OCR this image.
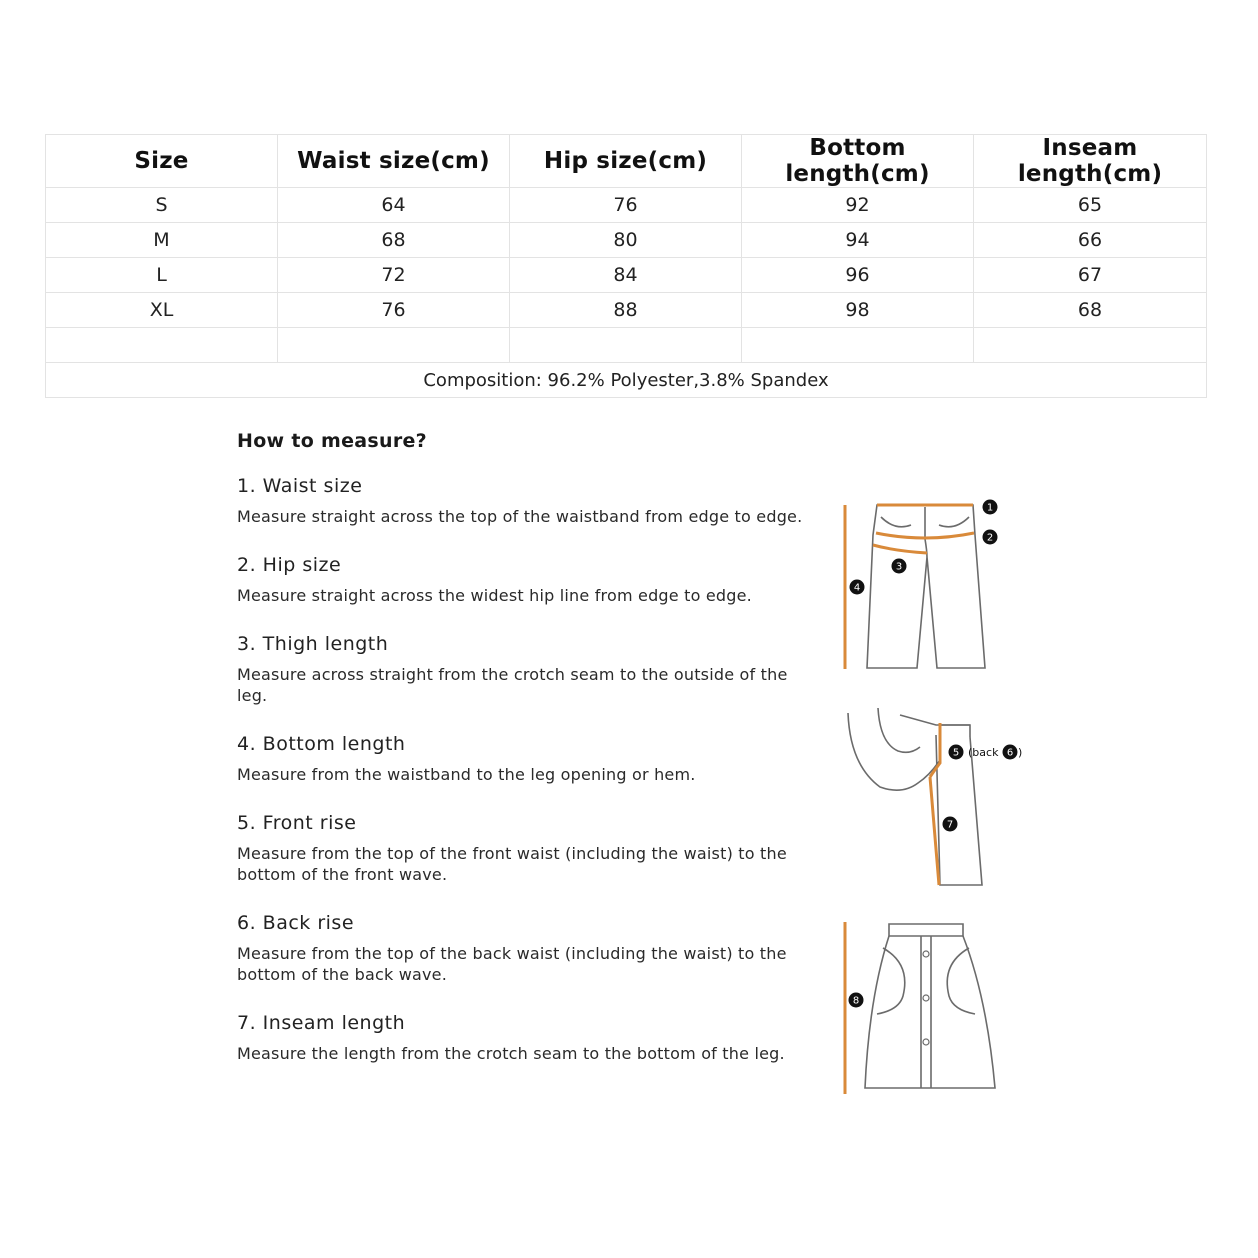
Size	Waist size(cm)	Hip size(cm)	Bottom length(cm)	Inseam length(cm)
S	64	76	92	65
M	68	80	94	66
L	72	84	96	67
XL	76	88	98	68

Composition: 96.2% Polyester,3.8% Spandex				
How to measure?
1. Waist size

Measure straight across the top of the waistband from edge to edge.

2. Hip size

Measure straight across the widest hip line from edge to edge.

3. Thigh length

Measure across straight from the crotch seam to the outside of the leg.

4. Bottom length

Measure from the waistband to the leg opening or hem.

5. Front rise

Measure from the top of the front waist (including the waist) to the bottom of the front wave.

6. Back rise

Measure from the top of the back waist (including the waist) to the bottom of the back wave.

7. Inseam length

Measure the length from the crotch seam to the bottom of the leg.

1
2
3
4
5 (back 6 )
7
8
